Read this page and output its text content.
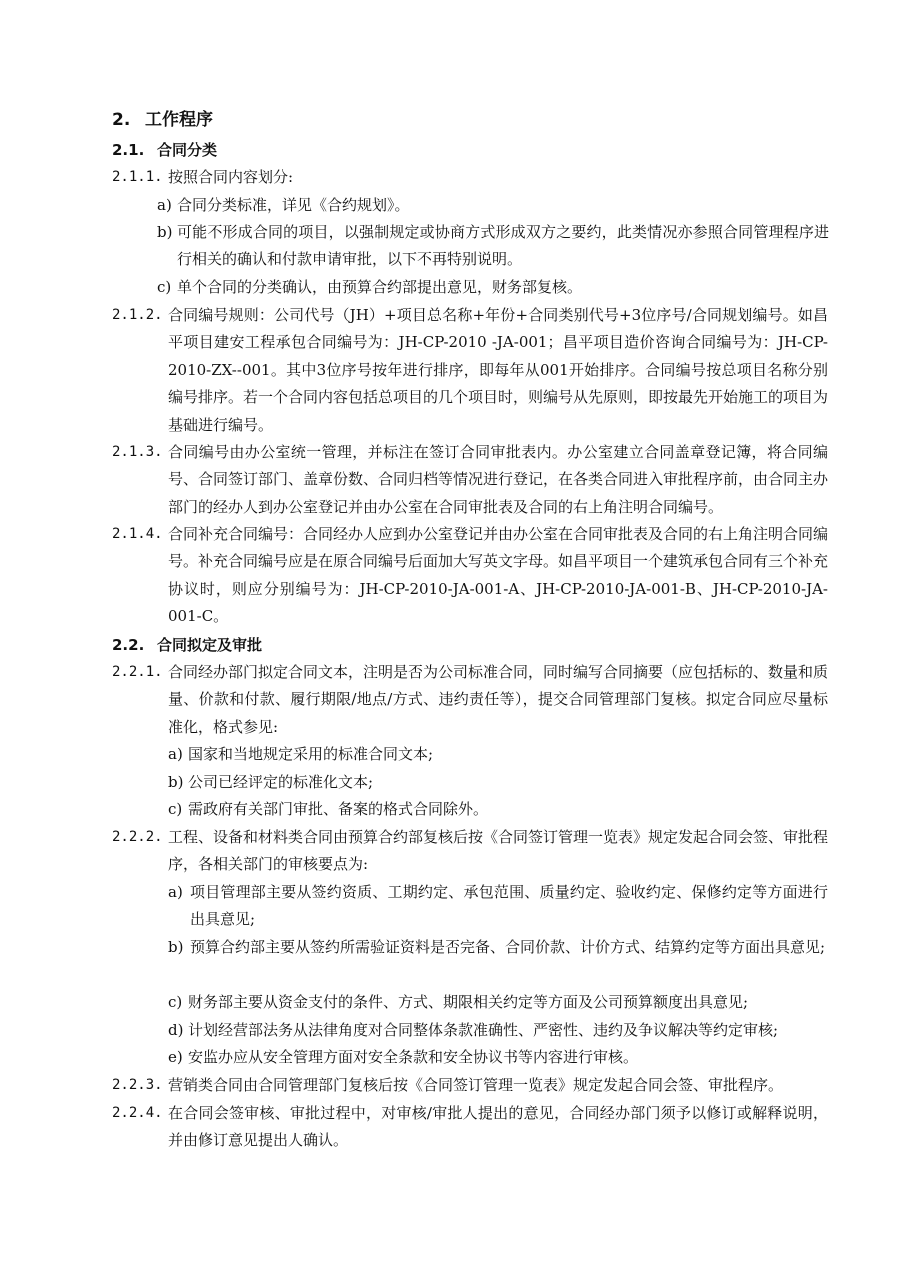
2. 工作程序
2.1. 合同分类
2.1.1. 按照合同内容划分:
a) 合同分类标准，详见《合约规划》。
b) 可能不形成合同的项目，以强制规定或协商方式形成双方之要约，此类情况亦参照合同管理程序进行相关的确认和付款申请审批，以下不再特别说明。
c) 单个合同的分类确认，由预算合约部提出意见，财务部复核。
2.1.2. 合同编号规则：公司代号（JH）+项目总名称+年份+合同类别代号+3位序号/合同规划编号。如昌平项目建安工程承包合同编号为：JH-CP-2010 -JA-001；昌平项目造价咨询合同编号为：JH-CP-2010-ZX--001。其中3位序号按年进行排序，即每年从001开始排序。合同编号按总项目名称分别编号排序。若一个合同内容包括总项目的几个项目时，则编号从先原则，即按最先开始施工的项目为基础进行编号。
2.1.3. 合同编号由办公室统一管理，并标注在签订合同审批表内。办公室建立合同盖章登记簿，将合同编号、合同签订部门、盖章份数、合同归档等情况进行登记，在各类合同进入审批程序前，由合同主办部门的经办人到办公室登记并由办公室在合同审批表及合同的右上角注明合同编号。
2.1.4. 合同补充合同编号：合同经办人应到办公室登记并由办公室在合同审批表及合同的右上角注明合同编号。补充合同编号应是在原合同编号后面加大写英文字母。如昌平项目一个建筑承包合同有三个补充协议时，则应分别编号为：JH-CP-2010-JA-001-A、JH-CP-2010-JA-001-B、JH-CP-2010-JA-001-C。
2.2. 合同拟定及审批
2.2.1. 合同经办部门拟定合同文本，注明是否为公司标准合同，同时编写合同摘要（应包括标的、数量和质量、价款和付款、履行期限/地点/方式、违约责任等），提交合同管理部门复核。拟定合同应尽量标准化，格式参见:
a) 国家和当地规定采用的标准合同文本;
b) 公司已经评定的标准化文本;
c) 需政府有关部门审批、备案的格式合同除外。
2.2.2. 工程、设备和材料类合同由预算合约部复核后按《合同签订管理一览表》规定发起合同会签、审批程序，各相关部门的审核要点为:
a) 项目管理部主要从签约资质、工期约定、承包范围、质量约定、验收约定、保修约定等方面进行出具意见;
b) 预算合约部主要从签约所需验证资料是否完备、合同价款、计价方式、结算约定等方面出具意见;
c) 财务部主要从资金支付的条件、方式、期限相关约定等方面及公司预算额度出具意见;
d) 计划经营部法务从法律角度对合同整体条款准确性、严密性、违约及争议解决等约定审核;
e) 安监办应从安全管理方面对安全条款和安全协议书等内容进行审核。
2.2.3. 营销类合同由合同管理部门复核后按《合同签订管理一览表》规定发起合同会签、审批程序。
2.2.4. 在合同会签审核、审批过程中，对审核/审批人提出的意见，合同经办部门须予以修订或解释说明，并由修订意见提出人确认。
